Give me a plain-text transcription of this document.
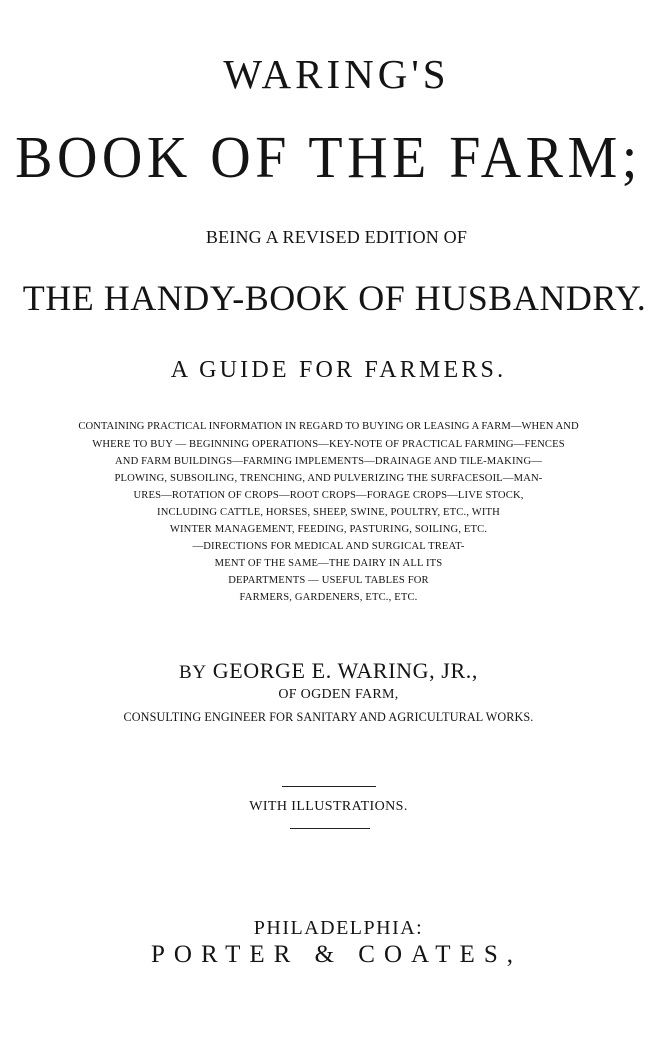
WARING'S
BOOK OF THE FARM;
BEING A REVISED EDITION OF
THE HANDY-BOOK OF HUSBANDRY.
A GUIDE FOR FARMERS.
CONTAINING PRACTICAL INFORMATION IN REGARD TO BUYING OR LEASING A FARM—WHEN AND
WHERE TO BUY — BEGINNING OPERATIONS—KEY-NOTE OF PRACTICAL FARMING—FENCES
AND FARM BUILDINGS—FARMING IMPLEMENTS—DRAINAGE AND TILE-MAKING—
PLOWING, SUBSOILING, TRENCHING, AND PULVERIZING THE SURFACESOIL—MAN-
URES—ROTATION OF CROPS—ROOT CROPS—FORAGE CROPS—LIVE STOCK,
INCLUDING CATTLE, HORSES, SHEEP, SWINE, POULTRY, ETC., WITH
WINTER MANAGEMENT, FEEDING, PASTURING, SOILING, ETC.
—DIRECTIONS FOR MEDICAL AND SURGICAL TREAT-
MENT OF THE SAME—THE DAIRY IN ALL ITS
DEPARTMENTS — USEFUL TABLES FOR
FARMERS, GARDENERS, ETC., ETC.
BY GEORGE E. WARING, JR.,
OF OGDEN FARM,
CONSULTING ENGINEER FOR SANITARY AND AGRICULTURAL WORKS.
WITH ILLUSTRATIONS.
PHILADELPHIA:
PORTER & COATES,
